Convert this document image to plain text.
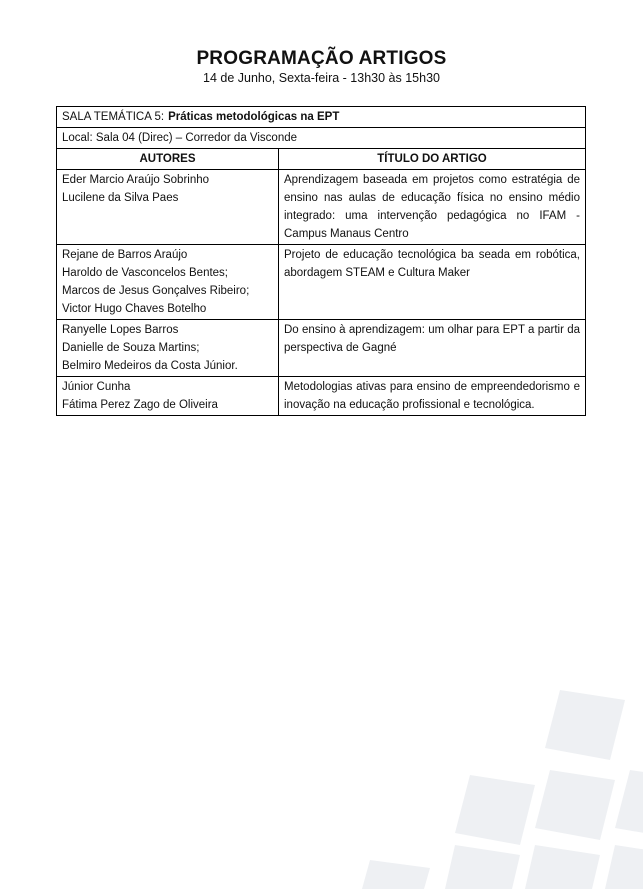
PROGRAMAÇÃO ARTIGOS
14 de Junho, Sexta-feira - 13h30 às 15h30
SALA TEMÁTICA 5: Práticas metodológicas na EPT	
Local: Sala 04 (Direc) – Corredor da Visconde	
AUTORES	TÍTULO DO ARTIGO

Eder Marcio Araújo Sobrinho
Lucilene da Silva Paes	Aprendizagem baseada em projetos como estratégia de ensino nas aulas de educação física no ensino médio integrado: uma intervenção pedagógica no IFAM - Campus Manaus Centro

Rejane de Barros Araújo
Haroldo de Vasconcelos Bentes;
Marcos de Jesus Gonçalves Ribeiro;
Victor Hugo Chaves Botelho	Projeto de educação tecnológica ba seada em robótica, abordagem STEAM e Cultura Maker

Ranyelle Lopes Barros
Danielle de Souza Martins;
Belmiro Medeiros da Costa Júnior.	Do ensino à aprendizagem: um olhar para EPT a partir da perspectiva de Gagné

Júnior Cunha
Fátima Perez Zago de Oliveira	Metodologias ativas para ensino de empreendedorismo e inovação na educação profissional e tecnológica.
